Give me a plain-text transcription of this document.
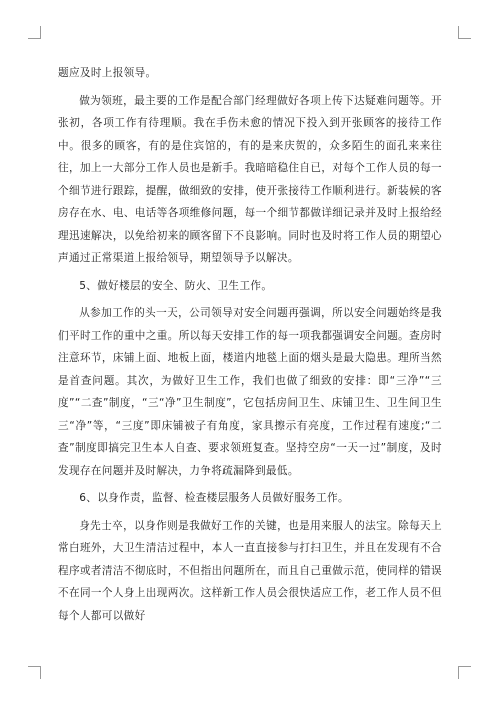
题应及时上报领导。

做为领班，最主要的工作是配合部门经理做好各项上传下达疑难问题等。开张初，各项工作有待理顺。我在手伤未愈的情况下投入到开张顾客的接待工作中。很多的顾客，有的是住宾馆的，有的是来庆贺的，众多陌生的面孔来来往往，加上一大部分工作人员也是新手。我暗暗稳住自已，对每个工作人员的每一个细节进行跟踪，提醒，做细致的安排，使开张接待工作顺利进行。新装候的客房存在水、电、电话等各项维修问题，每一个细节都做详细记录并及时上报给经理迅速解决，以免给初来的顾客留下不良影响。同时也及时将工作人员的期望心声通过正常渠道上报给领导，期望领导予以解决。

5、做好楼层的安全、防火、卫生工作。

从参加工作的头一天，公司领导对安全问题再强调，所以安全问题始终是我们平时工作的重中之重。所以每天安排工作的每一项我都强调安全问题。查房时注意环节，床铺上面、地板上面，楼道内地毯上面的烟头是最大隐患。理所当然是首查问题。其次，为做好卫生工作，我们也做了细致的安排：即“三净”“三度”“二查”制度，“三“净”卫生制度”，它包括房间卫生、床铺卫生、卫生间卫生三“净”等，“三度”即床铺被子有角度，家具擦示有亮度，工作过程有速度;“二查”制度即搞完卫生本人自查、要求领班复查。坚持空房“一天一过”制度，及时发现存在问题并及时解决，力争将疏漏降到最低。

6、以身作责，监督、检查楼层服务人员做好服务工作。

身先士卒，以身作则是我做好工作的关键，也是用来服人的法宝。除每天上常白班外，大卫生清洁过程中，本人一直直接参与打扫卫生，并且在发现有不合程序或者清洁不彻底时，不但指出问题所在，而且自己重做示范，使同样的错误不在同一个人身上出现两次。这样新工作人员会很快适应工作，老工作人员不但每个人都可以做好
